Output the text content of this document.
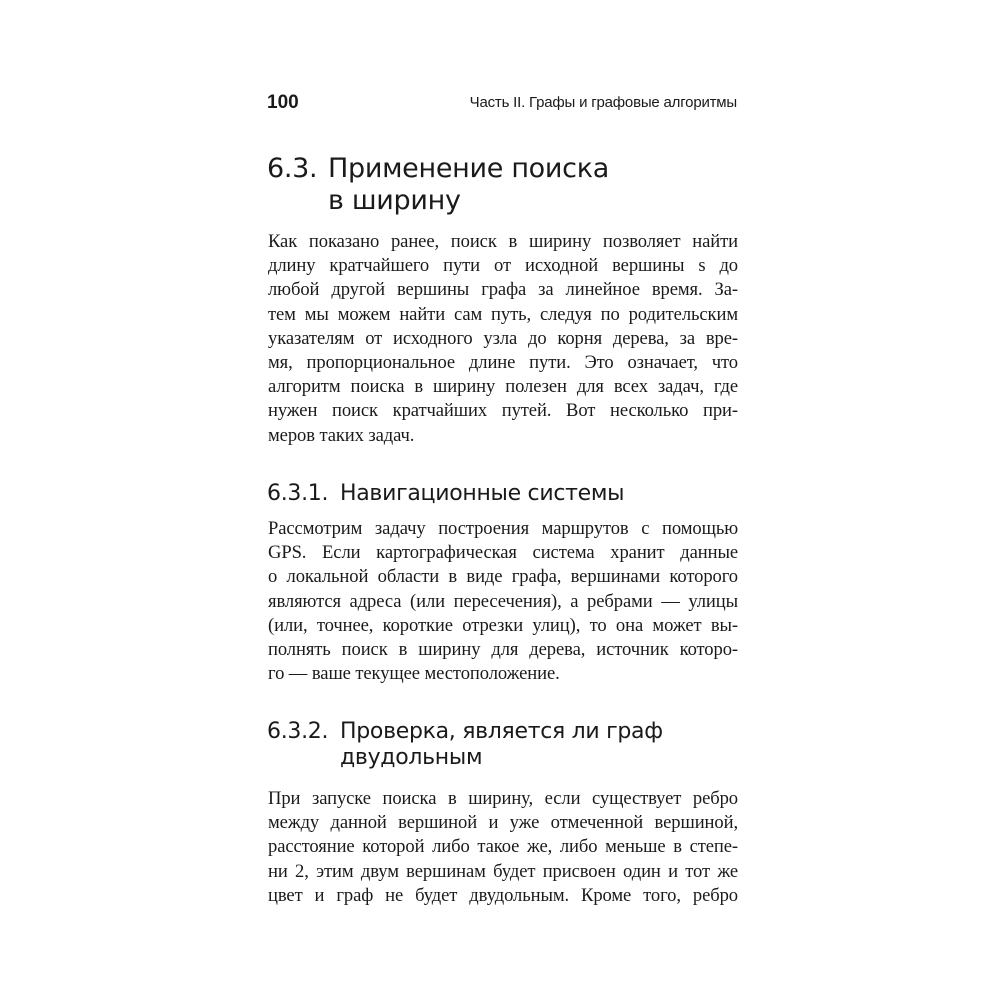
100	Часть II. Графы и графовые алгоритмы
6.3. Применение поиска
в ширину

Как показано ранее, поиск в ширину позволяет найти
длину кратчайшего пути от исходной вершины s до
любой другой вершины графа за линейное время. За-
тем мы можем найти сам путь, следуя по родительским
указателям от исходного узла до корня дерева, за вре-
мя, пропорциональное длине пути. Это означает, что
алгоритм поиска в ширину полезен для всех задач, где
нужен поиск кратчайших путей. Вот несколько при-
меров таких задач.

6.3.1. Навигационные системы

Рассмотрим задачу построения маршрутов с помощью
GPS. Если картографическая система хранит данные
о локальной области в виде графа, вершинами которого
являются адреса (или пересечения), а ребрами — улицы
(или, точнее, короткие отрезки улиц), то она может вы-
полнять поиск в ширину для дерева, источник которо-
го — ваше текущее местоположение.

6.3.2. Проверка, является ли граф
двудольным

При запуске поиска в ширину, если существует ребро
между данной вершиной и уже отмеченной вершиной,
расстояние которой либо такое же, либо меньше в степе-
ни 2, этим двум вершинам будет присвоен один и тот же
цвет и граф не будет двудольным. Кроме того, ребро
